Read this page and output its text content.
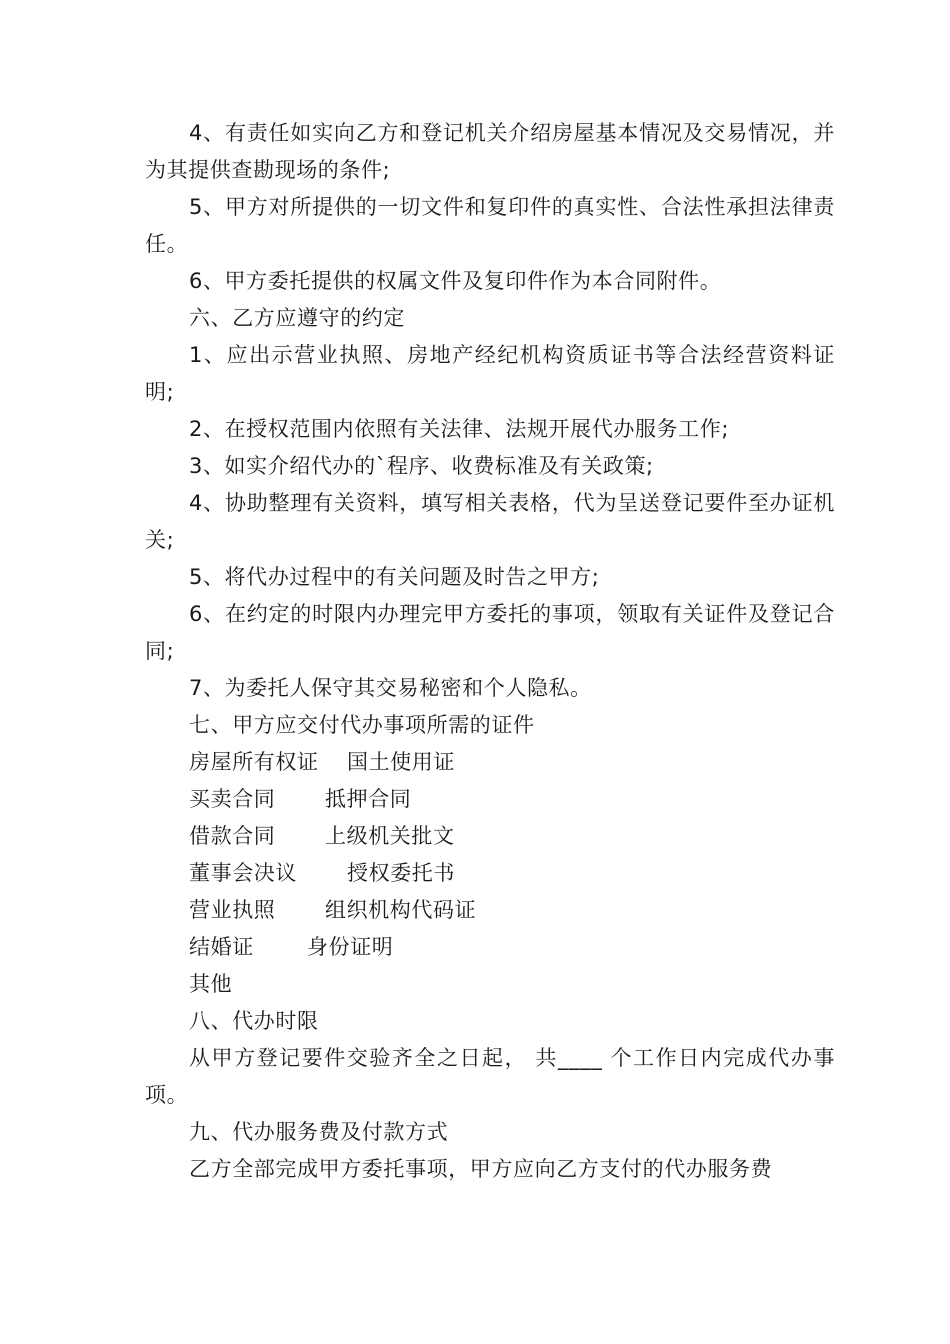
4、有责任如实向乙方和登记机关介绍房屋基本情况及交易情况，并为其提供查勘现场的条件;

5、甲方对所提供的一切文件和复印件的真实性、合法性承担法律责任。

6、甲方委托提供的权属文件及复印件作为本合同附件。

六、乙方应遵守的约定

1、应出示营业执照、房地产经纪机构资质证书等合法经营资料证明;

2、在授权范围内依照有关法律、法规开展代办服务工作;

3、如实介绍代办的`程序、收费标准及有关政策;

4、协助整理有关资料，填写相关表格，代为呈送登记要件至办证机关;

5、将代办过程中的有关问题及时告之甲方;

6、在约定的时限内办理完甲方委托的事项，领取有关证件及登记合同;

7、为委托人保守其交易秘密和个人隐私。

七、甲方应交付代办事项所需的证件

房屋所有权证 国土使用证
买卖合同 抵押合同
借款合同 上级机关批文
董事会决议 授权委托书
营业执照 组织机构代码证
结婚证	身份证明
其他

八、代办时限

从甲方登记要件交验齐全之日起， 共____ 个工作日内完成代办事项。

九、代办服务费及付款方式

乙方全部完成甲方委托事项，甲方应向乙方支付的代办服务费
